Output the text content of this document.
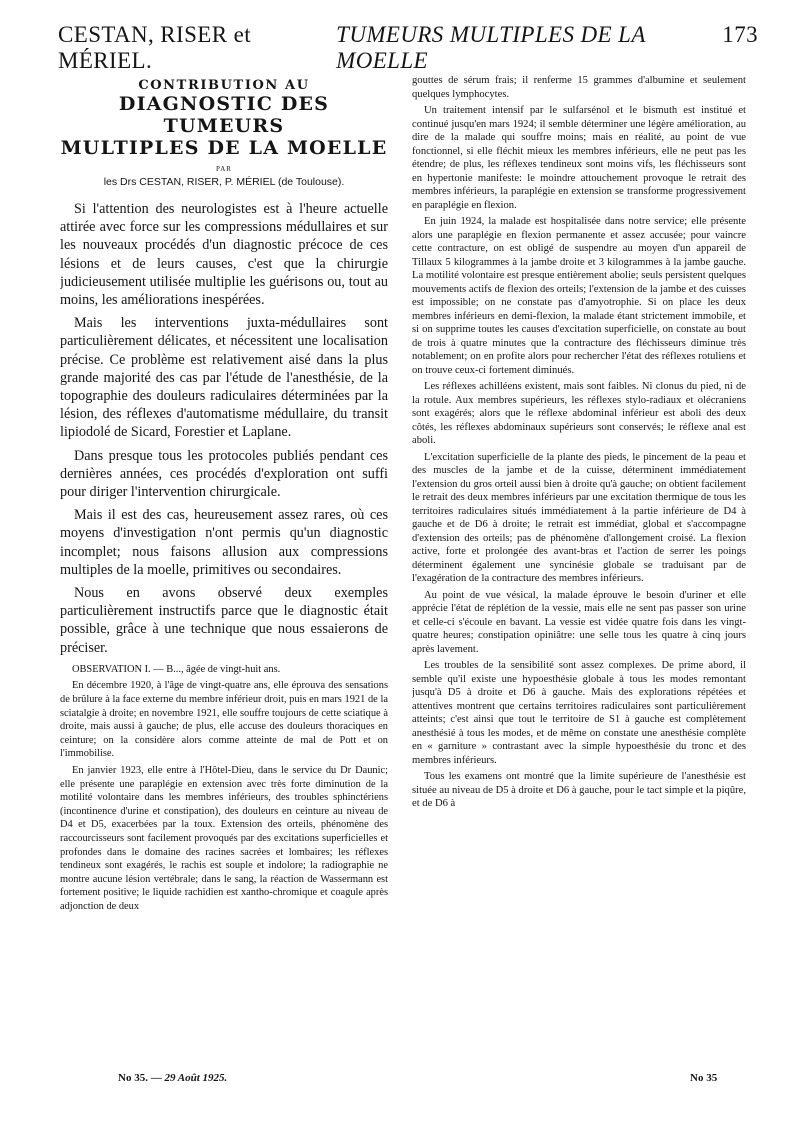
CESTAN, RISER et MÉRIEL.
TUMEURS MULTIPLES DE LA MOELLE
173
CONTRIBUTION AU
DIAGNOSTIC DES TUMEURS
MULTIPLES DE LA MOELLE
PAR
les Drs CESTAN, RISER, P. MÉRIEL (de Toulouse).

Si l'attention des neurologistes est à l'heure actuelle attirée avec force sur les compressions médullaires et sur les nouveaux procédés d'un diagnostic précoce de ces lésions et de leurs causes, c'est que la chirurgie judicieusement utilisée multiplie les guérisons ou, tout au moins, les améliorations inespérées.

Mais les interventions juxta-médullaires sont particulièrement délicates, et nécessitent une localisation précise. Ce problème est relativement aisé dans la plus grande majorité des cas par l'étude de l'anesthésie, de la topographie des douleurs radiculaires déterminées par la lésion, des réflexes d'automatisme médullaire, du transit lipiodolé de Sicard, Forestier et Laplane.

Dans presque tous les protocoles publiés pendant ces dernières années, ces procédés d'exploration ont suffi pour diriger l'intervention chirurgicale.

Mais il est des cas, heureusement assez rares, où ces moyens d'investigation n'ont permis qu'un diagnostic incomplet; nous faisons allusion aux compressions multiples de la moelle, primitives ou secondaires.

Nous en avons observé deux exemples particulièrement instructifs parce que le diagnostic était possible, grâce à une technique que nous essaierons de préciser.

OBSERVATION I. — B..., âgée de vingt-huit ans.

En décembre 1920, à l'âge de vingt-quatre ans, elle éprouva des sensations de brûlure à la face externe du membre inférieur droit, puis en mars 1921 de la sciatalgie à droite; en novembre 1921, elle souffre toujours de cette sciatique à droite, mais aussi à gauche; de plus, elle accuse des douleurs thoraciques en ceinture; on la considère alors comme atteinte de mal de Pott et on l'immobilise.

En janvier 1923, elle entre à l'Hôtel-Dieu, dans le service du Dr Daunic; elle présente une paraplégie en extension avec très forte diminution de la motilité volontaire dans les membres inférieurs, des troubles sphinctériens (incontinence d'urine et constipation), des douleurs en ceinture au niveau de D4 et D5, exacerbées par la toux. Extension des orteils, phénomène des raccourcisseurs sont facilement provoqués par des excitations superficielles et profondes dans le domaine des racines sacrées et lombaires; les réflexes tendineux sont exagérés, le rachis est souple et indolore; la radiographie ne montre aucune lésion vertébrale; dans le sang, la réaction de Wassermann est fortement positive; le liquide rachidien est xantho-chromique et coagule après adjonction de deux

gouttes de sérum frais; il renferme 15 grammes d'albumine et seulement quelques lymphocytes.

Un traitement intensif par le sulfarsénol et le bismuth est institué et continué jusqu'en mars 1924; il semble déterminer une légère amélioration, au dire de la malade qui souffre moins; mais en réalité, au point de vue fonctionnel, si elle fléchit mieux les membres inférieurs, elle ne peut pas les étendre; de plus, les réflexes tendineux sont moins vifs, les fléchisseurs sont en hypertonie manifeste: le moindre attouchement provoque le retrait des membres inférieurs, la paraplégie en extension se transforme progressivement en paraplégie en flexion.

En juin 1924, la malade est hospitalisée dans notre service; elle présente alors une paraplégie en flexion permanente et assez accusée; pour vaincre cette contracture, on est obligé de suspendre au moyen d'un appareil de Tillaux 5 kilogrammes à la jambe droite et 3 kilogrammes à la jambe gauche. La motilité volontaire est presque entièrement abolie; seuls persistent quelques mouvements actifs de flexion des orteils; l'extension de la jambe et des cuisses est impossible; on ne constate pas d'amyotrophie. Si on place les deux membres inférieurs en demi-flexion, la malade étant strictement immobile, et si on supprime toutes les causes d'excitation superficielle, on constate au bout de trois à quatre minutes que la contracture des fléchisseurs diminue très notablement; on en profite alors pour rechercher l'état des réflexes rotuliens et on trouve ceux-ci fortement diminués.

Les réflexes achilléens existent, mais sont faibles. Ni clonus du pied, ni de la rotule. Aux membres supérieurs, les réflexes stylo-radiaux et olécraniens sont exagérés; alors que le réflexe abdominal inférieur est aboli des deux côtés, les réflexes abdominaux supérieurs sont conservés; le réflexe anal est aboli.

L'excitation superficielle de la plante des pieds, le pincement de la peau et des muscles de la jambe et de la cuisse, déterminent immédiatement l'extension du gros orteil aussi bien à droite qu'à gauche; on obtient facilement le retrait des deux membres inférieurs par une excitation thermique de tous les territoires radiculaires situés immédiatement à la partie inférieure de D4 à gauche et de D6 à droite; le retrait est immédiat, global et s'accompagne d'extension des orteils; pas de phénomène d'allongement croisé. La flexion active, forte et prolongée des avant-bras et l'action de serrer les poings déterminent également une syncinésie globale se traduisant par de l'exagération de la contracture des membres inférieurs.

Au point de vue vésical, la malade éprouve le besoin d'uriner et elle apprécie l'état de réplétion de la vessie, mais elle ne sent pas passer son urine et celle-ci s'écoule en bavant. La vessie est vidée quatre fois dans les vingt-quatre heures; constipation opiniâtre: une selle tous les quatre à cinq jours après lavement.

Les troubles de la sensibilité sont assez complexes. De prime abord, il semble qu'il existe une hypoesthésie globale à tous les modes remontant jusqu'à D5 à droite et D6 à gauche. Mais des explorations répétées et attentives montrent que certains territoires radiculaires sont particulièrement atteints; c'est ainsi que tout le territoire de S1 à gauche est complètement anesthésié à tous les modes, et de même on constate une anesthésie complète en « garniture » contrastant avec la simple hypoesthésie du tronc et des membres inférieurs.

Tous les examens ont montré que la limite supérieure de l'anesthésie est située au niveau de D5 à droite et D6 à gauche, pour le tact simple et la piqûre, et de D6 à

No 35. — 29 Août 1925.	No 35
